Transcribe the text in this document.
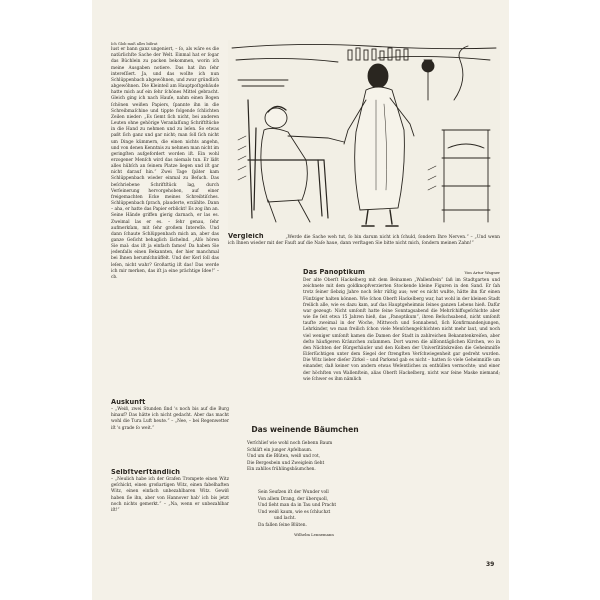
Ich Glob muß alles bißrat

lust er bann ganz ungeniert, – ſo, als wäre es die natürlichſte Sache der Welt. Einmal hat er ſogar das Büchlein zu packen bekommen, worin ich meine Ausgaben notiere. Das hat ihn ſehr intereſſiert. Ja, und das wollte ich nun Schlüppenbach abgewöhnen, und zwar gründlich abgewöhnen. Die Kleinteil am Hauptpoſtgebäude hatte mich auf ein ſehr ſchönes Mittel gebracht. Gleich ging ich nach Hauſe, nahm einen Bogen ſchönen weißen Papiers, ſpannte ihn in die Schreibmaſchine und tippte folgende ſchlichten Zeilen nieder: „Es ſiemt ſich nicht, bei anderen Leuten ohne gehörige Veranlaſſung Schriftſtücke in die Hand zu nehmen und zu leſen. So etwas paßt ſich ganz und gar nicht; man ſoll ſich nicht um Dinge kümmern, die einen nichts angehn, und von denen Kenntnis zu nehmen man nicht im geringſten aufgefordert worden iſt. Ein wohl erzogener Menſch wird das niemals tun. Er läßt alles hübſch an ſeinem Platze liegen und iſt gar nicht darauf hin.“ Zwei Tage ſpäter kam Schlüppenbach wieder einmal zu Beſuch. Das beſchriebene Schriftſtück lag, durch Verſeinerung hervorgehoben, auf einer freigemachten Ecke meines Schreibtiſches. Schlüppenbach ſprach, plauderte, erzählte. Dann – aha, er hatte das Papier erblickt! Es zog ihn an. Seine Hände griffen gierig darnach, er las es. Zweimal las er es. – ſehr genau, ſehr aufmerkſam, mit ſehr großem Intereſſe. Und dann ſchaute Schlüppenbach mich an, aber das ganze Geſicht behaglich lächelnd. „Alſo hören Sie mal: das iſt ja einfach famos! Da haben Sie jedenfalls einen Bekannten, der hier manchmal bei Ihnen herumſchnüffelt. Und der Kerl ſoll das leſen, nicht wahr? Großartig iſt das! Das werde ich mir merken, das iſt ja eine prächtige Idee!“ –cb.

Vergleich	„Werde die Sache weh tut, ſo bin darum nicht ich ſchuld, ſondern Ihre Nerven.“ – „Und wenn ich Ihnen wieder mit der Fauſt auf die Naſe haue, dann verſtagen Sie bitte nicht mich, ſondern meinen Zahn!“

Das Panoptikum	Von Artur Wagner

Der alte Oberſt Hackelberg mit dem Beinamen „Wallenſtein“ ſaß im Stadtgarten und zeichnete mit dem goldknopfverzierten Stockende kleine Figuren in den Sand. Er ſah trotz ſeiner ſiebzig Jahre noch ſehr rüſtig aus; wer es nicht wußte, hätte ihn für einen Fünfziger halten können. Wie ſchon Oberſt Hackelberg war, hat wohl in der kleinen Stadt freilich alle, wie es dazu kam, auf das Hauptgeheimnis ſeines ganzen Lebens hieß. Dafür war gezeugt: Nicht umſonſt hatte ſeine Sonntagsabend die Mehrſchiffsgeſchichte aber wie ſie ſeit etwa 15 Jahren hieß, das „Panoptikum“, ihren Beſuchsabend, nicht umſonſt taufte zweimal in der Woche, Mittwoch und Sonnabend, ſich Konfirmandenjungen, Lehrkinder, wo man freilich ſchon viele Menſchengeſchichten nicht mehr laut, und noch viel weniger umſonſt kamen die Damen der Stadt in zahlreichen Bekanntenkreiſen, aber deſto häufigeren Kränzchen zuſammen. Dort waren die allſonntäglichen Kirchen, wo in den Nächten der Bürgerhäuſer und den Kolben der Univerſitätskreiſen die Geheimniſſe Eiſerſüchtigen unter dem Siegel der ſtrengſten Verſchwiegenheit gar gedreht wurden. Die Witz lieber dieſer Zirkel – und Parkend gab es nicht – hatten ſo viele Geheimniſſe um einander, daß keiner von andern etwas Weſentliches zu enthüllen vermochte; und einer der höchſten von Wallenſtein, alias Oberſt Hackelberg, nicht war ſeine Maske niemand; wie ſchwer es ihm nämlich

Auskunft

– „Weiß, zwei Stunden ſind 's noch bis auf die Burg hinauf? Das hätte ich nicht gedacht. Aber das macht wohl die Tura Luft heute.“ – „Nee, – bei Regenwetter iſt 's grade ſo weit.“

Selbſtverſtändlich

– „Neulich habe ich der Grafen Trompete einen Witz geſchickt, einen großartigen Witz, einen fabelhaften Witz, einen einfach unbezahlbaren Witz. Gewiß haben ſie ihn, aber von Hannover hab' ich bis jetzt noch nichts gemerkt.“ – „Na, wenn er unbezahlbar iſt!“

Das weinende Bäumchen
Verſchlief wie wohl noch ſiebenn Baum
Schläft ein junger Apfelbaum.
Und um die Blüten, weiß und rot,
Die Bergesbein und Zweiglein ſieht
Ein zahllos frühlingsbäumchen.
Sein Seufzen iſt der Wunder voll
Von allem Drang, der überquoll,
Und ſieht man da in Tau und Pracht
Und weiß kaum, wie es ſchluchzt
und lacht.
Da fallen ſeine Blüten.
Wilhelm Lennemann
39
